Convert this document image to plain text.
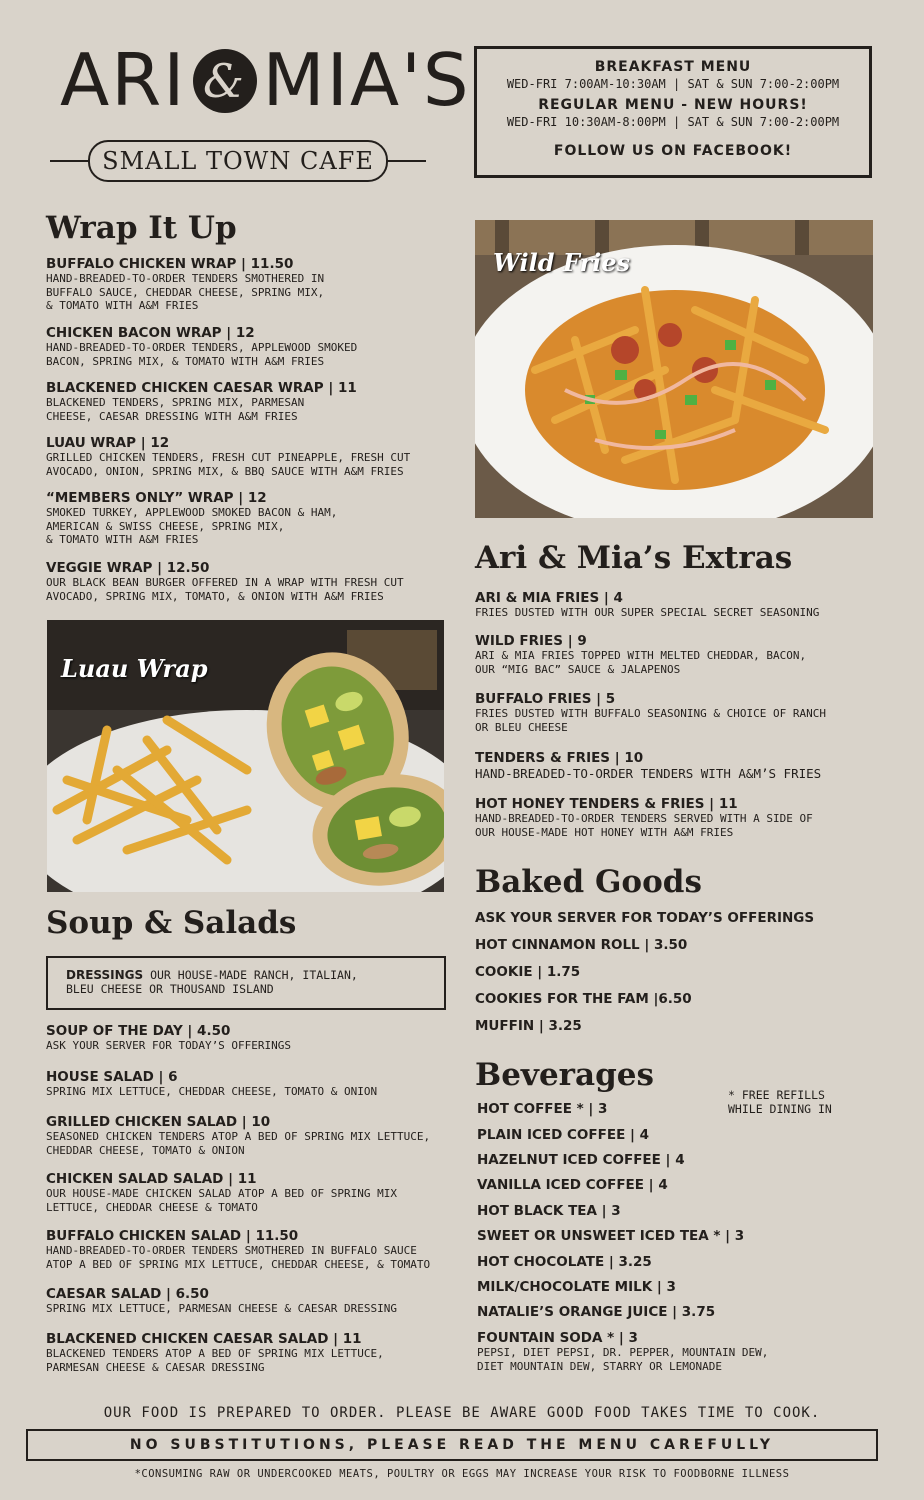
ARI & MIA'S
SMALL TOWN CAFE
BREAKFAST MENU
WED-FRI 7:00AM-10:30AM | SAT & SUN 7:00-2:00PM
REGULAR MENU - NEW HOURS!
WED-FRI 10:30AM-8:00PM | SAT & SUN 7:00-2:00PM
FOLLOW US ON FACEBOOK!
Wrap It Up
BUFFALO CHICKEN WRAP | 11.50
HAND-BREADED-TO-ORDER TENDERS SMOTHERED IN
BUFFALO SAUCE, CHEDDAR CHEESE, SPRING MIX,
& TOMATO WITH A&M FRIES
CHICKEN BACON WRAP | 12
HAND-BREADED-TO-ORDER TENDERS, APPLEWOOD SMOKED
BACON, SPRING MIX, & TOMATO WITH A&M FRIES
BLACKENED CHICKEN CAESAR WRAP | 11
BLACKENED TENDERS, SPRING MIX, PARMESAN
CHEESE, CAESAR DRESSING WITH A&M FRIES
LUAU WRAP | 12
GRILLED CHICKEN TENDERS, FRESH CUT PINEAPPLE, FRESH CUT
AVOCADO, ONION, SPRING MIX, & BBQ SAUCE WITH A&M FRIES
“MEMBERS ONLY” WRAP | 12
SMOKED TURKEY, APPLEWOOD SMOKED BACON & HAM,
AMERICAN & SWISS CHEESE, SPRING MIX,
& TOMATO WITH A&M FRIES
VEGGIE WRAP | 12.50
OUR BLACK BEAN BURGER OFFERED IN A WRAP WITH FRESH CUT
AVOCADO, SPRING MIX, TOMATO, & ONION WITH A&M FRIES
Luau Wrap
Wild Fries
Soup & Salads
DRESSINGS OUR HOUSE-MADE RANCH, ITALIAN,
BLEU CHEESE OR THOUSAND ISLAND
SOUP OF THE DAY | 4.50
ASK YOUR SERVER FOR TODAY’S OFFERINGS
HOUSE SALAD | 6
SPRING MIX LETTUCE, CHEDDAR CHEESE, TOMATO & ONION
GRILLED CHICKEN SALAD | 10
SEASONED CHICKEN TENDERS ATOP A BED OF SPRING MIX LETTUCE,
CHEDDAR CHEESE, TOMATO & ONION
CHICKEN SALAD SALAD | 11
OUR HOUSE-MADE CHICKEN SALAD ATOP A BED OF SPRING MIX
LETTUCE, CHEDDAR CHEESE & TOMATO
BUFFALO CHICKEN SALAD | 11.50
HAND-BREADED-TO-ORDER TENDERS SMOTHERED IN BUFFALO SAUCE
ATOP A BED OF SPRING MIX LETTUCE, CHEDDAR CHEESE, & TOMATO
CAESAR SALAD | 6.50
SPRING MIX LETTUCE, PARMESAN CHEESE & CAESAR DRESSING
BLACKENED CHICKEN CAESAR SALAD | 11
BLACKENED TENDERS ATOP A BED OF SPRING MIX LETTUCE,
PARMESAN CHEESE & CAESAR DRESSING
Ari & Mia’s Extras
ARI & MIA FRIES | 4
FRIES DUSTED WITH OUR SUPER SPECIAL SECRET SEASONING
WILD FRIES | 9
ARI & MIA FRIES TOPPED WITH MELTED CHEDDAR, BACON,
OUR “MIG BAC” SAUCE & JALAPENOS
BUFFALO FRIES | 5
FRIES DUSTED WITH BUFFALO SEASONING & CHOICE OF RANCH
OR BLEU CHEESE
TENDERS & FRIES | 10
HAND-BREADED-TO-ORDER TENDERS WITH A&M’S FRIES
HOT HONEY TENDERS & FRIES | 11
HAND-BREADED-TO-ORDER TENDERS SERVED WITH A SIDE OF
OUR HOUSE-MADE HOT HONEY WITH A&M FRIES
Baked Goods
ASK YOUR SERVER FOR TODAY’S OFFERINGS
HOT CINNAMON ROLL | 3.50
COOKIE | 1.75
COOKIES FOR THE FAM |6.50
MUFFIN | 3.25
Beverages
* FREE REFILLS
WHILE DINING IN
HOT COFFEE * | 3
PLAIN ICED COFFEE | 4
HAZELNUT ICED COFFEE | 4
VANILLA ICED COFFEE | 4
HOT BLACK TEA | 3
SWEET OR UNSWEET ICED TEA * | 3
HOT CHOCOLATE | 3.25
MILK/CHOCOLATE MILK | 3
NATALIE’S ORANGE JUICE | 3.75
FOUNTAIN SODA * | 3
PEPSI, DIET PEPSI, DR. PEPPER, MOUNTAIN DEW,
DIET MOUNTAIN DEW, STARRY OR LEMONADE
OUR FOOD IS PREPARED TO ORDER. PLEASE BE AWARE GOOD FOOD TAKES TIME TO COOK.
NO SUBSTITUTIONS, PLEASE READ THE MENU CAREFULLY
*CONSUMING RAW OR UNDERCOOKED MEATS, POULTRY OR EGGS MAY INCREASE YOUR RISK TO FOODBORNE ILLNESS
